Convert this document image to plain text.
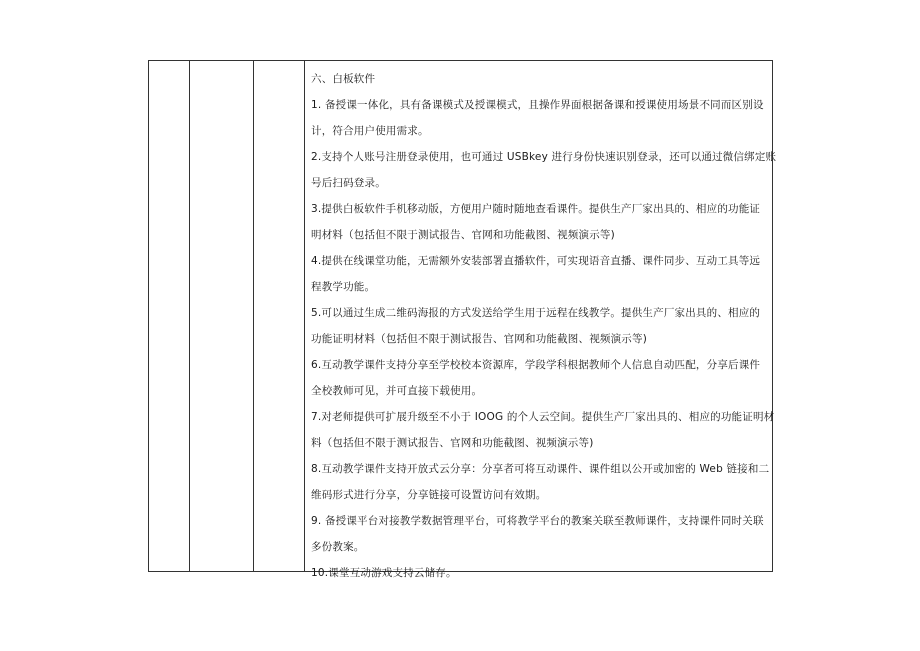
六、白板软件
1. 备授课一体化，具有备课模式及授课模式，且操作界面根据备课和授课使用场景不同而区别设
计，符合用户使用需求。
2.支持个人账号注册登录使用，也可通过 USBkey 进行身份快速识别登录，还可以通过微信绑定账
号后扫码登录。
3.提供白板软件手机移动版，方便用户随时随地查看课件。提供生产厂家出具的、相应的功能证
明材料（包括但不限于测试报告、官网和功能截图、视频演示等)
4.提供在线课堂功能，无需额外安装部署直播软件，可实现语音直播、课件同步、互动工具等远
程教学功能。
5.可以通过生成二维码海报的方式发送给学生用于远程在线教学。提供生产厂家出具的、相应的
功能证明材料（包括但不限于测试报告、官网和功能截图、视频演示等)
6.互动教学课件支持分享至学校校本资源库，学段学科根据教师个人信息自动匹配，分享后课件
全校教师可见，并可直接下载使用。
7.对老师提供可扩展升级至不小于 IOOG 的个人云空间。提供生产厂家出具的、相应的功能证明材
料（包括但不限于测试报告、官网和功能截图、视频演示等)
8.互动教学课件支持开放式云分享：分享者可将互动课件、课件组以公开或加密的 Web 链接和二
维码形式进行分享，分享链接可设置访问有效期。
9. 备授课平台对接教学数据管理平台，可将教学平台的教案关联至教师课件，支持课件同时关联
多份教案。
10.课堂互动游戏支持云储存。
